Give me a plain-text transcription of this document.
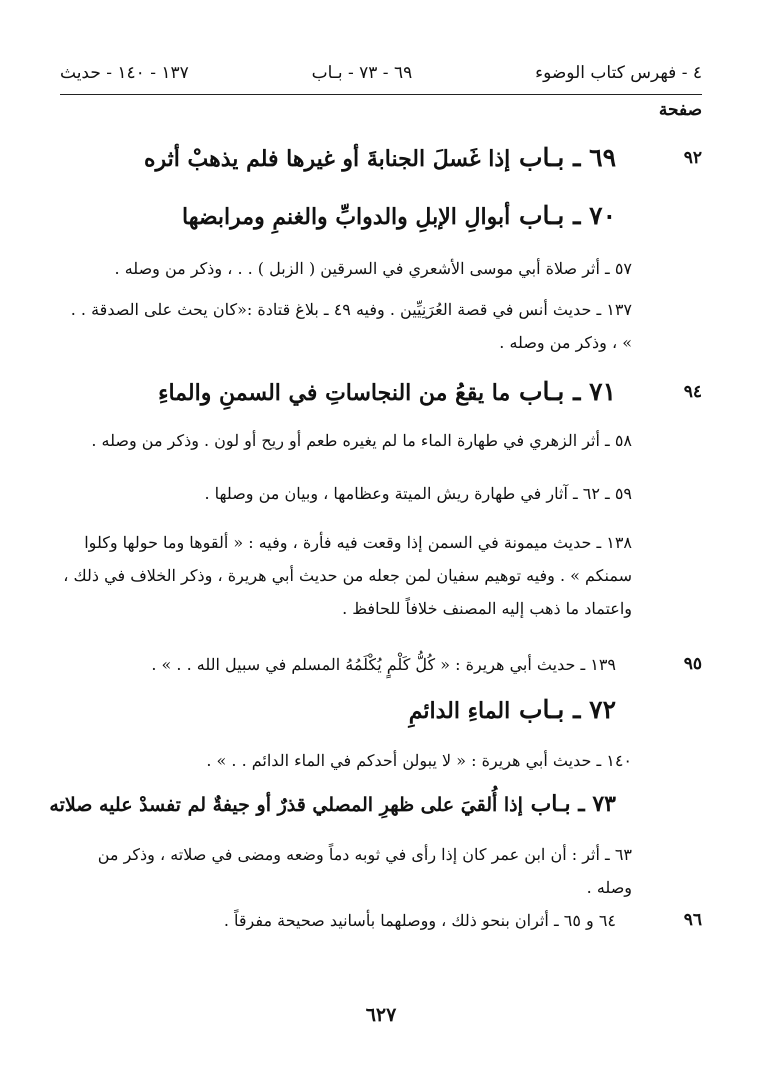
٤ - فهرس كتاب الوضوء
٦٩ - ٧٣ - بـاب
١٣٧ - ١٤٠ - حديث
صفحة
٩٢
٦٩ ـ بـاب إذا غَسلَ الجنابةَ أو غيرها فلم يذهبْ أثره
٧٠ ـ بـاب أبوالِ الإبلِ والدوابِّ والغنمِ ومرابضها
٥٧ ـ أثر صلاة أبي موسى الأشعري في السرقين ( الزبل ) . . ، وذكر من وصله .
١٣٧ ـ حديث أنس في قصة العُرَنِيِّين . وفيه ٤٩ ـ بلاغ قتادة :«كان يحث على الصدقة . . » ، وذكر من وصله .
٩٤
٧١ ـ بـاب ما يقعُ من النجاساتِ في السمنِ والماءِ
٥٨ ـ أثر الزهري في طهارة الماء ما لم يغيره طعم أو ريح أو لون . وذكر من وصله .
٥٩ ـ ٦٢ ـ آثار في طهارة ريش الميتة وعظامها ، وبيان من وصلها .
١٣٨ ـ حديث ميمونة في السمن إذا وقعت فيه فأرة ، وفيه : « ألقوها وما حولها وكلوا سمنكم » . وفيه توهيم سفيان لمن جعله من حديث أبي هريرة ، وذكر الخلاف في ذلك ، واعتماد ما ذهب إليه المصنف خلافاً للحافظ .
٩٥
١٣٩ ـ حديث أبي هريرة : « كُلُّ كَلْمٍ يُكْلَمُهُ المسلم في سبيل الله . . » .
٧٢ ـ بـاب الماءِ الدائمِ
١٤٠ ـ حديث أبي هريرة : « لا يبولن أحدكم في الماء الدائم . . » .
٧٣ ـ بـاب إذا أُلقيَ على ظهرِ المصلي قذرٌ أو جيفةٌ لم تفسدْ عليه صلاته
٦٣ ـ أثر : أن ابن عمر كان إذا رأى في ثوبه دماً وضعه ومضى في صلاته ، وذكر من وصله .
٩٦
٦٤ و ٦٥ ـ أثران بنحو ذلك ، ووصلهما بأسانيد صحيحة مفرقاً .
٦٢٧
